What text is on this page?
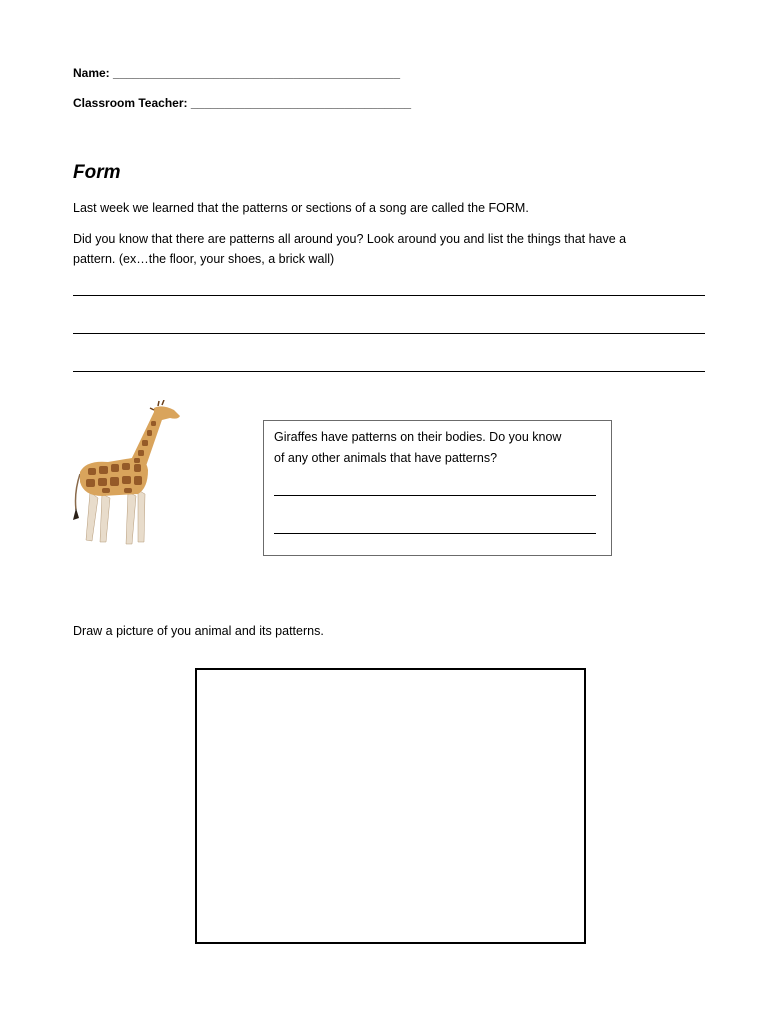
Name: ___________________________________________
Classroom Teacher: _________________________________
Form
Last week we learned that the patterns or sections of a song are called the FORM.
Did you know that there are patterns all around you? Look around you and list the things that have a
pattern. (ex…the floor, your shoes, a brick wall)
Giraffes have patterns on their bodies. Do you know
of any other animals that have patterns?
Draw a picture of you animal and its patterns.
